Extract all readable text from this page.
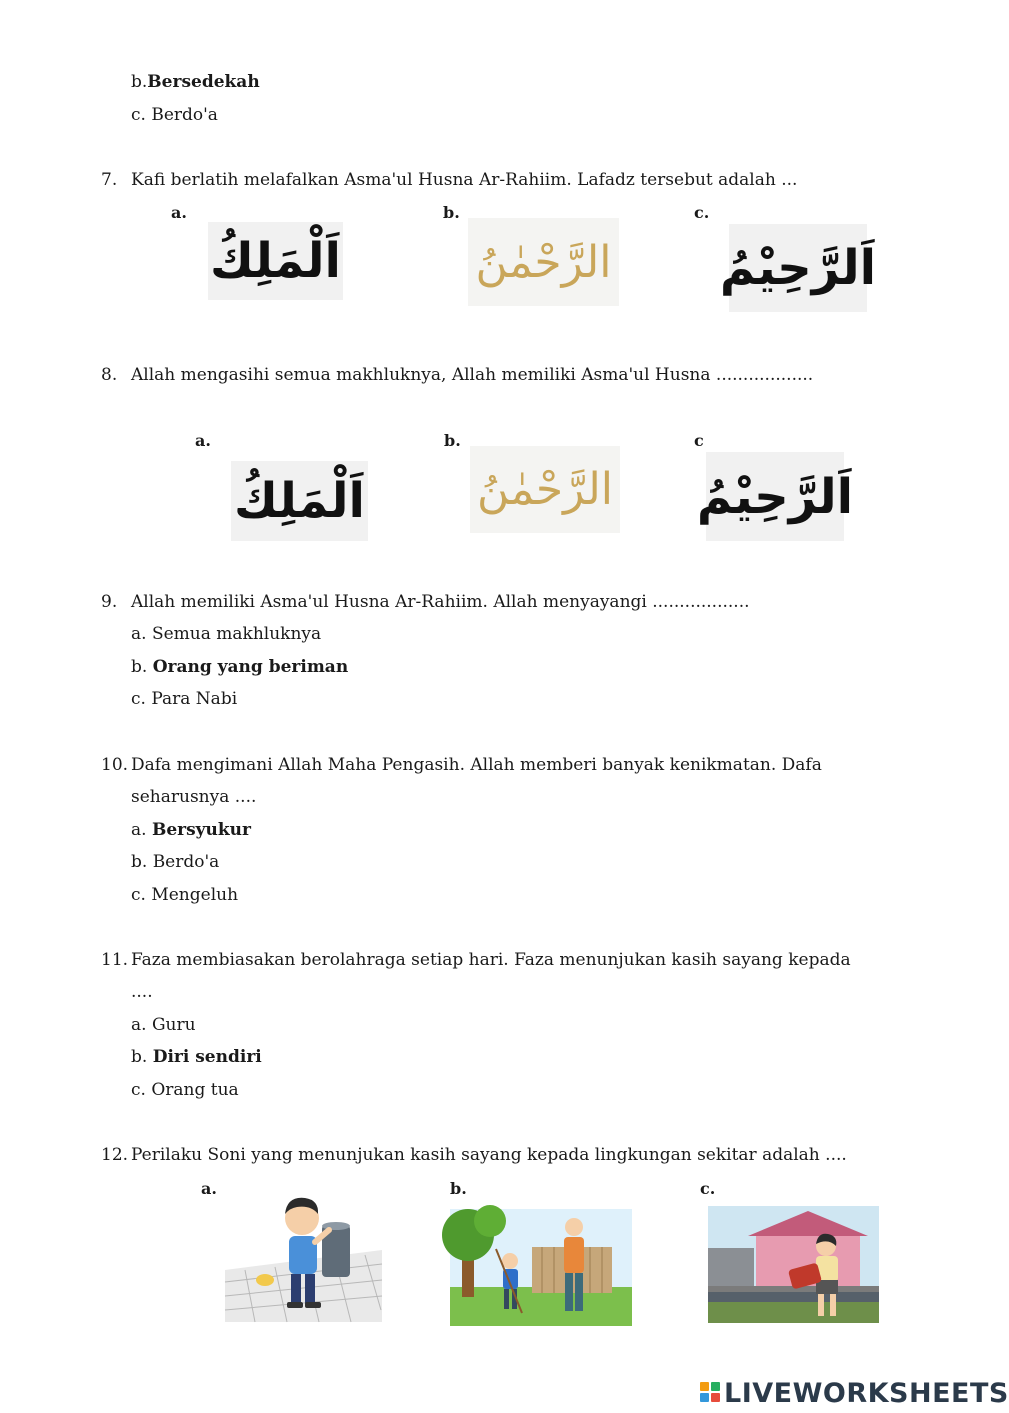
b.Bersedekah
c. Berdo'a
7. Kafi berlatih melafalkan Asma'ul Husna Ar-Rahiim. Lafadz tersebut adalah ...
a.	b.	c.
اَلْمَلِكُ	الرَّحْمٰنُ اَلرَّحِيْمُ
8. Allah mengasihi semua makhluknya, Allah memiliki Asma'ul Husna ..................
a.	b.	c
اَلْمَلِكُ	الرَّحْمٰنُ اَلرَّحِيْمُ
9. Allah memiliki Asma'ul Husna Ar-Rahiim. Allah menyayangi ..................
a. Semua makhluknya
b. Orang yang beriman
c. Para Nabi
10. Dafa mengimani Allah Maha Pengasih. Allah memberi banyak kenikmatan. Dafa
seharusnya ....
a. Bersyukur
b. Berdo'a
c. Mengeluh
11. Faza membiasakan berolahraga setiap hari. Faza menunjukan kasih sayang kepada
....
a. Guru
b. Diri sendiri
c. Orang tua
12. Perilaku Soni yang menunjukan kasih sayang kepada lingkungan sekitar adalah ....
a.	b.	c.
LIVEWORKSHEETS
